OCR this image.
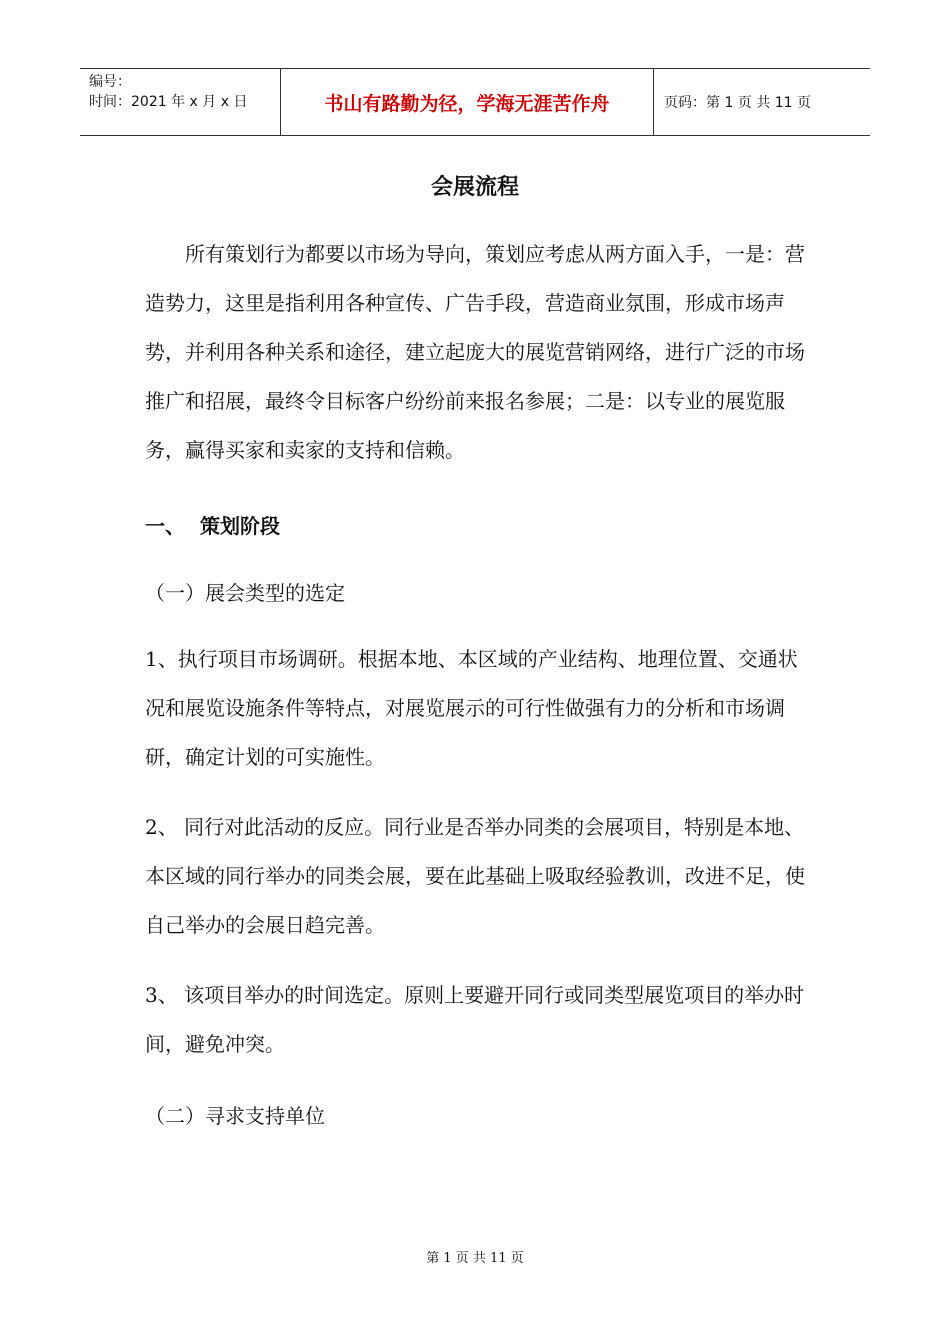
编号：
时间：2021 年 x 月 x 日	书山有路勤为径，学海无涯苦作舟	页码：第 1 页 共 11 页
会展流程

所有策划行为都要以市场为导向，策划应考虑从两方面入手，一是：营造势力，这里是指利用各种宣传、广告手段，营造商业氛围，形成市场声势，并利用各种关系和途径，建立起庞大的展览营销网络，进行广泛的市场推广和招展，最终令目标客户纷纷前来报名参展；二是：以专业的展览服务，赢得买家和卖家的支持和信赖。

一、 策划阶段
（一）展会类型的选定

1、执行项目市场调研。根据本地、本区域的产业结构、地理位置、交通状况和展览设施条件等特点，对展览展示的可行性做强有力的分析和市场调研，确定计划的可实施性。

2、 同行对此活动的反应。同行业是否举办同类的会展项目，特别是本地、本区域的同行举办的同类会展，要在此基础上吸取经验教训，改进不足，使自己举办的会展日趋完善。

3、 该项目举办的时间选定。原则上要避开同行或同类型展览项目的举办时间，避免冲突。

（二）寻求支持单位
第 1 页 共 11 页
